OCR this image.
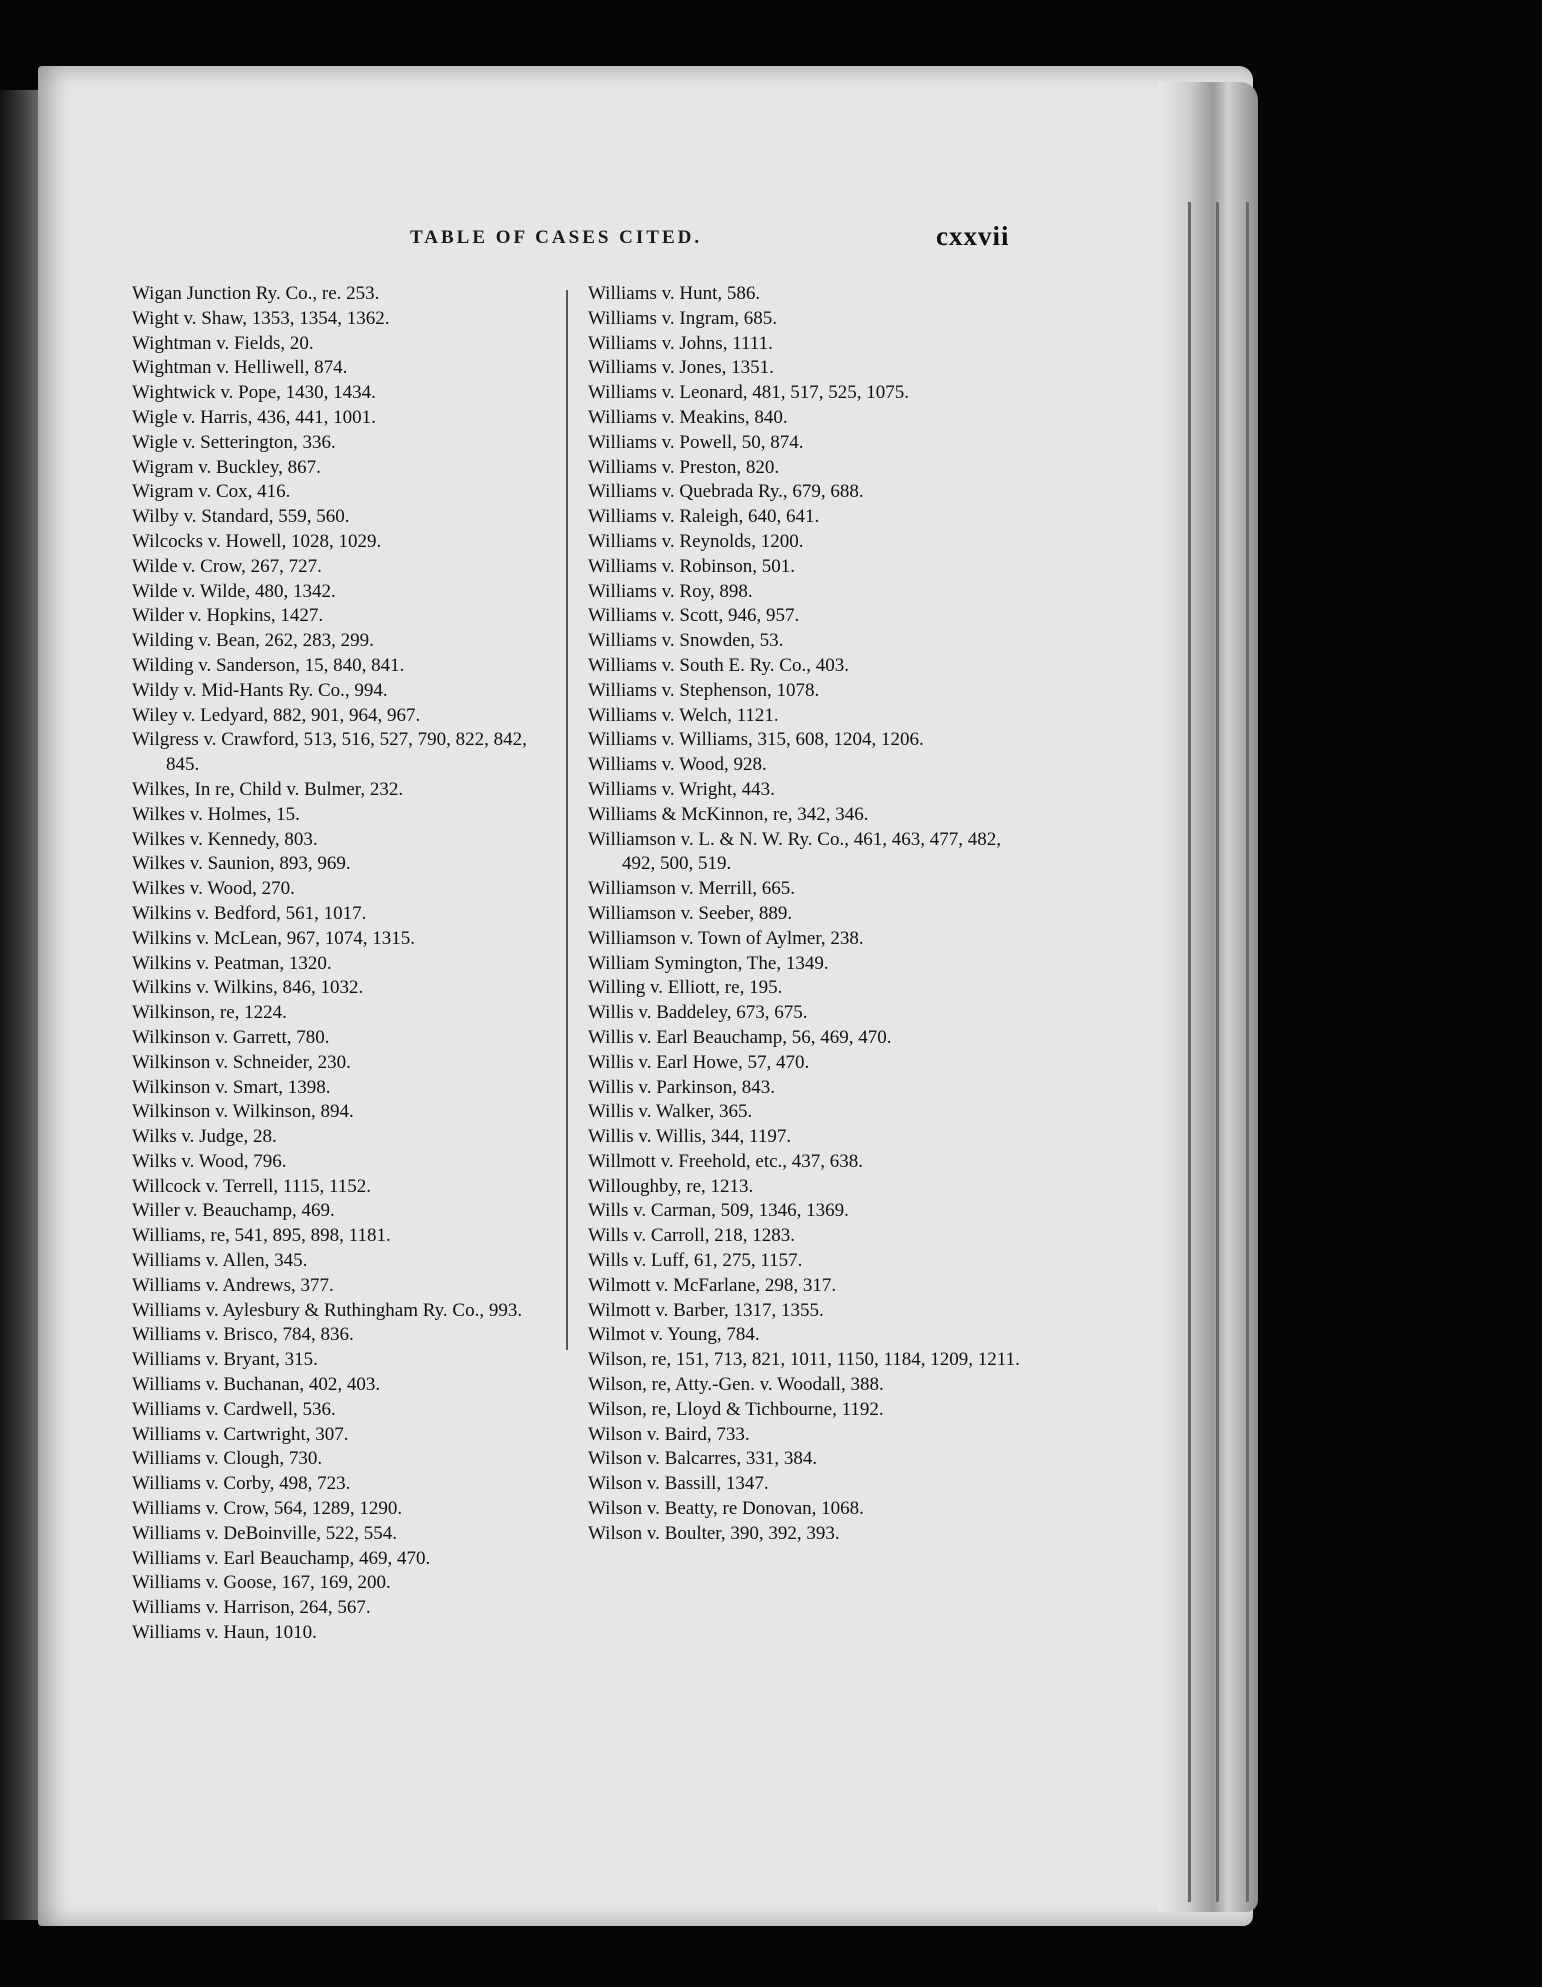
TABLE OF CASES CITED.	cxxvii
Wigan Junction Ry. Co., re. 253.
Wight v. Shaw, 1353, 1354, 1362.
Wightman v. Fields, 20.
Wightman v. Helliwell, 874.
Wightwick v. Pope, 1430, 1434.
Wigle v. Harris, 436, 441, 1001.
Wigle v. Setterington, 336.
Wigram v. Buckley, 867.
Wigram v. Cox, 416.
Wilby v. Standard, 559, 560.
Wilcocks v. Howell, 1028, 1029.
Wilde v. Crow, 267, 727.
Wilde v. Wilde, 480, 1342.
Wilder v. Hopkins, 1427.
Wilding v. Bean, 262, 283, 299.
Wilding v. Sanderson, 15, 840, 841.
Wildy v. Mid-Hants Ry. Co., 994.
Wiley v. Ledyard, 882, 901, 964, 967.
Wilgress v. Crawford, 513, 516, 527, 790, 822, 842, 845.
Wilkes, In re, Child v. Bulmer, 232.
Wilkes v. Holmes, 15.
Wilkes v. Kennedy, 803.
Wilkes v. Saunion, 893, 969.
Wilkes v. Wood, 270.
Wilkins v. Bedford, 561, 1017.
Wilkins v. McLean, 967, 1074, 1315.
Wilkins v. Peatman, 1320.
Wilkins v. Wilkins, 846, 1032.
Wilkinson, re, 1224.
Wilkinson v. Garrett, 780.
Wilkinson v. Schneider, 230.
Wilkinson v. Smart, 1398.
Wilkinson v. Wilkinson, 894.
Wilks v. Judge, 28.
Wilks v. Wood, 796.
Willcock v. Terrell, 1115, 1152.
Willer v. Beauchamp, 469.
Williams, re, 541, 895, 898, 1181.
Williams v. Allen, 345.
Williams v. Andrews, 377.
Williams v. Aylesbury & Ruthingham Ry. Co., 993.
Williams v. Brisco, 784, 836.
Williams v. Bryant, 315.
Williams v. Buchanan, 402, 403.
Williams v. Cardwell, 536.
Williams v. Cartwright, 307.
Williams v. Clough, 730.
Williams v. Corby, 498, 723.
Williams v. Crow, 564, 1289, 1290.
Williams v. DeBoinville, 522, 554.
Williams v. Earl Beauchamp, 469, 470.
Williams v. Goose, 167, 169, 200.
Williams v. Harrison, 264, 567.
Williams v. Haun, 1010.
Williams v. Hunt, 586.
Williams v. Ingram, 685.
Williams v. Johns, 1111.
Williams v. Jones, 1351.
Williams v. Leonard, 481, 517, 525, 1075.
Williams v. Meakins, 840.
Williams v. Powell, 50, 874.
Williams v. Preston, 820.
Williams v. Quebrada Ry., 679, 688.
Williams v. Raleigh, 640, 641.
Williams v. Reynolds, 1200.
Williams v. Robinson, 501.
Williams v. Roy, 898.
Williams v. Scott, 946, 957.
Williams v. Snowden, 53.
Williams v. South E. Ry. Co., 403.
Williams v. Stephenson, 1078.
Williams v. Welch, 1121.
Williams v. Williams, 315, 608, 1204, 1206.
Williams v. Wood, 928.
Williams v. Wright, 443.
Williams & McKinnon, re, 342, 346.
Williamson v. L. & N. W. Ry. Co., 461, 463, 477, 482, 492, 500, 519.
Williamson v. Merrill, 665.
Williamson v. Seeber, 889.
Williamson v. Town of Aylmer, 238.
William Symington, The, 1349.
Willing v. Elliott, re, 195.
Willis v. Baddeley, 673, 675.
Willis v. Earl Beauchamp, 56, 469, 470.
Willis v. Earl Howe, 57, 470.
Willis v. Parkinson, 843.
Willis v. Walker, 365.
Willis v. Willis, 344, 1197.
Willmott v. Freehold, etc., 437, 638.
Willoughby, re, 1213.
Wills v. Carman, 509, 1346, 1369.
Wills v. Carroll, 218, 1283.
Wills v. Luff, 61, 275, 1157.
Wilmott v. McFarlane, 298, 317.
Wilmott v. Barber, 1317, 1355.
Wilmot v. Young, 784.
Wilson, re, 151, 713, 821, 1011, 1150, 1184, 1209, 1211.
Wilson, re, Atty.-Gen. v. Woodall, 388.
Wilson, re, Lloyd & Tichbourne, 1192.
Wilson v. Baird, 733.
Wilson v. Balcarres, 331, 384.
Wilson v. Bassill, 1347.
Wilson v. Beatty, re Donovan, 1068.
Wilson v. Boulter, 390, 392, 393.
